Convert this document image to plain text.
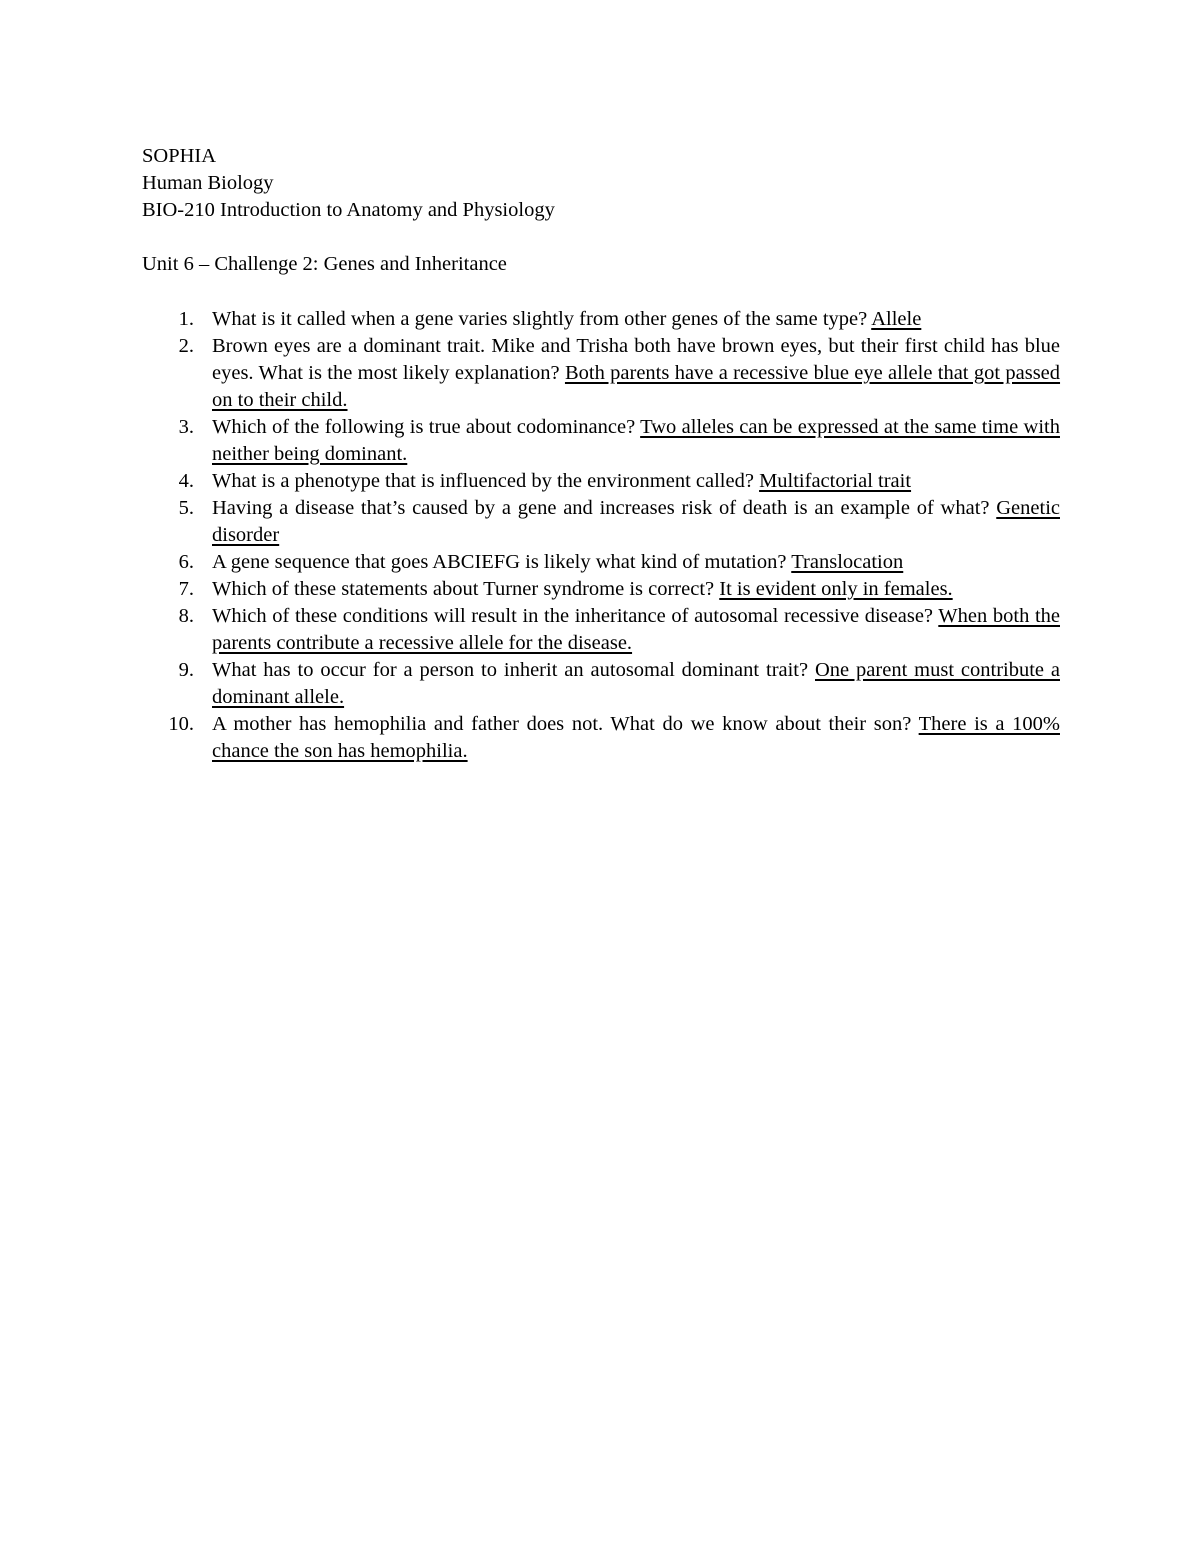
SOPHIA
Human Biology
BIO-210 Introduction to Anatomy and Physiology
Unit 6 – Challenge 2: Genes and Inheritance
1. What is it called when a gene varies slightly from other genes of the same type? Allele
2. Brown eyes are a dominant trait. Mike and Trisha both have brown eyes, but their first child has blue eyes. What is the most likely explanation? Both parents have a recessive blue eye allele that got passed on to their child.
3. Which of the following is true about codominance? Two alleles can be expressed at the same time with neither being dominant.
4. What is a phenotype that is influenced by the environment called? Multifactorial trait
5. Having a disease that’s caused by a gene and increases risk of death is an example of what? Genetic disorder
6. A gene sequence that goes ABCIEFG is likely what kind of mutation? Translocation
7. Which of these statements about Turner syndrome is correct? It is evident only in females.
8. Which of these conditions will result in the inheritance of autosomal recessive disease? When both the parents contribute a recessive allele for the disease.
9. What has to occur for a person to inherit an autosomal dominant trait? One parent must contribute a dominant allele.
10. A mother has hemophilia and father does not. What do we know about their son? There is a 100% chance the son has hemophilia.
